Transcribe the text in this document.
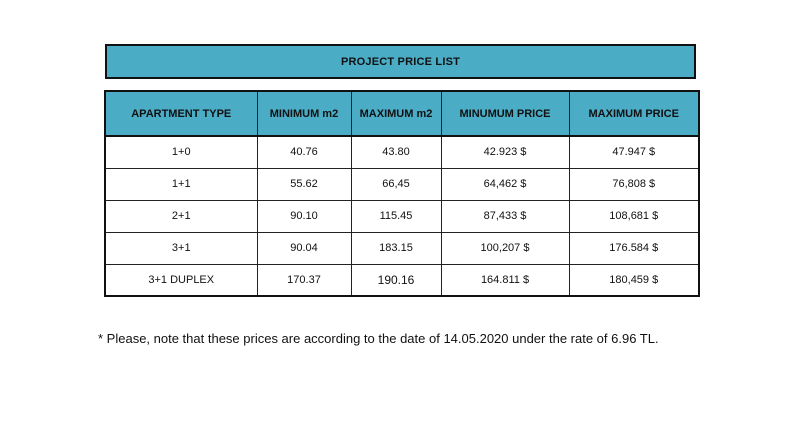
PROJECT PRICE LIST
APARTMENT TYPE	MINIMUM m2	MAXIMUM m2	MINUMUM PRICE	MAXIMUM PRICE
1+0	40.76	43.80	42.923 $	47.947 $
1+1	55.62	66,45	64,462 $	76,808 $
2+1	90.10	115.45	87,433 $	108,681 $
3+1	90.04	183.15	100,207 $	176.584 $
3+1 DUPLEX	170.37	190.16	164.811 $	180,459 $
* Please, note that these prices are according to the date of 14.05.2020 under the rate of 6.96 TL.
